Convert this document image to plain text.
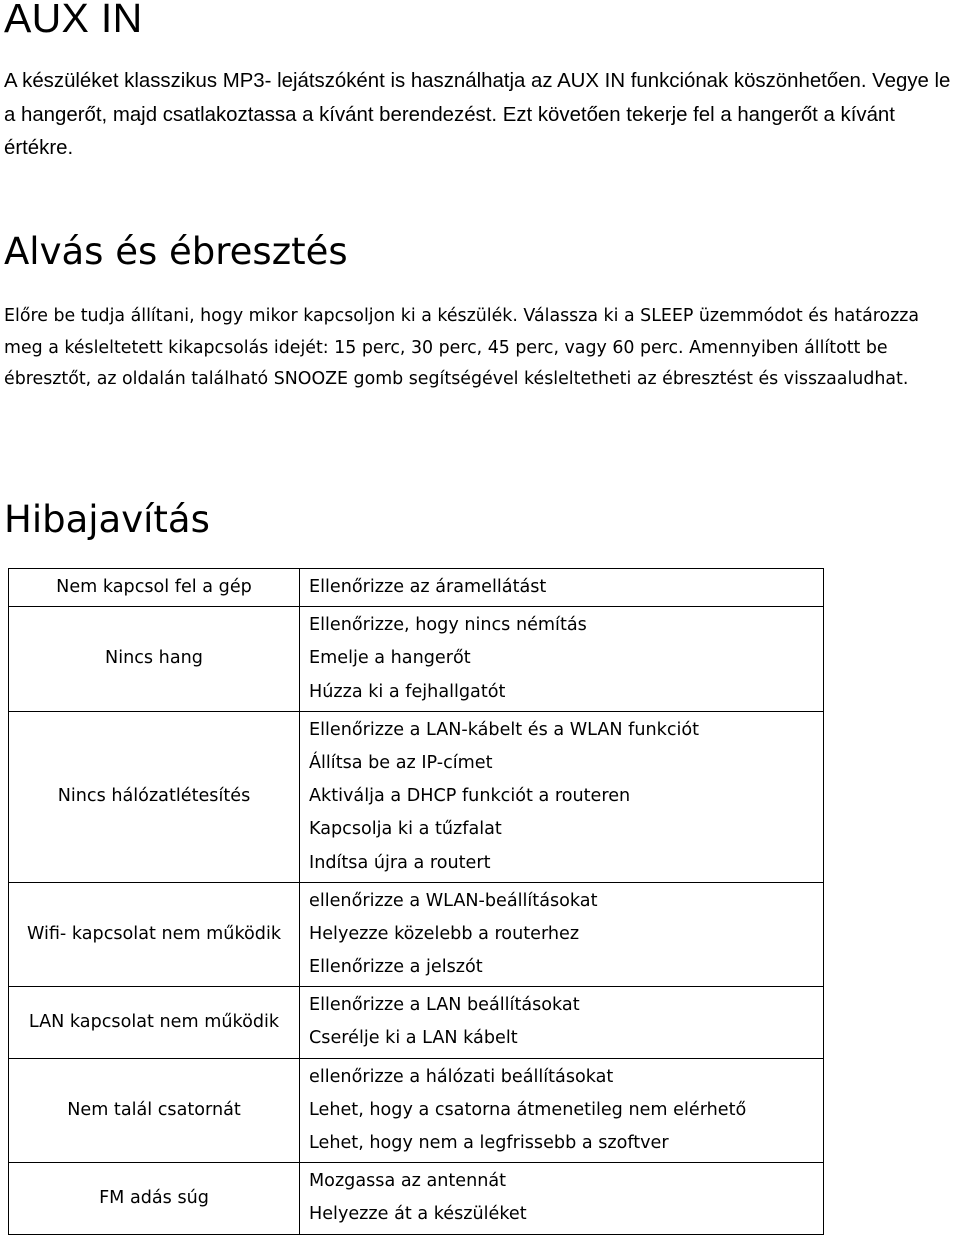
AUX IN

A készüléket klasszikus MP3- lejátszóként is használhatja az AUX IN funkciónak köszönhetően. Vegye le a hangerőt, majd csatlakoztassa a kívánt berendezést. Ezt követően tekerje fel a hangerőt a kívánt értékre.

Alvás és ébresztés

Előre be tudja állítani, hogy mikor kapcsoljon ki a készülék. Válassza ki a SLEEP üzemmódot és határozza meg a késleltetett kikapcsolás idejét: 15 perc, 30 perc, 45 perc, vagy 60 perc. Amennyiben állított be ébresztőt, az oldalán található SNOOZE gomb segítségével késleltetheti az ébresztést és visszaaludhat.

Hibajavítás
Nem kapcsol fel a gép	Ellenőrizze az áramellátást

Nincs hang	Ellenőrizze, hogy nincs némítás
Emelje a hangerőt
Húzza ki a fejhallgatót

Nincs hálózatlétesítés	Ellenőrizze a LAN-kábelt és a WLAN funkciót
Állítsa be az IP-címet
Aktiválja a DHCP funkciót a routeren
Kapcsolja ki a tűzfalat
Indítsa újra a routert

Wifi- kapcsolat nem működik	ellenőrizze a WLAN-beállításokat
Helyezze közelebb a routerhez
Ellenőrizze a jelszót

LAN kapcsolat nem működik	Ellenőrizze a LAN beállításokat
Cserélje ki a LAN kábelt

Nem talál csatornát	ellenőrizze a hálózati beállításokat
Lehet, hogy a csatorna átmenetileg nem elérhető
Lehet, hogy nem a legfrissebb a szoftver

FM adás súg	Mozgassa az antennát
Helyezze át a készüléket
